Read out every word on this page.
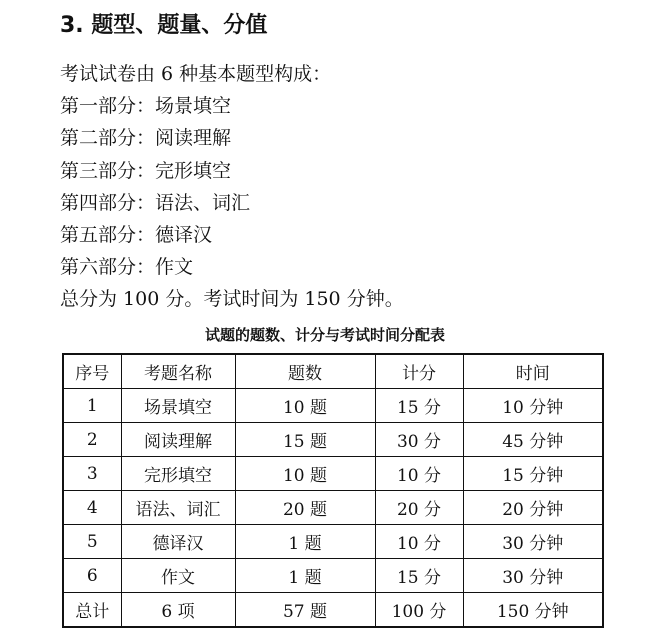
3. 题型、题量、分值
考试试卷由 6 种基本题型构成：
第一部分：场景填空
第二部分：阅读理解
第三部分：完形填空
第四部分：语法、词汇
第五部分：德译汉
第六部分：作文
总分为 100 分。考试时间为 150 分钟。
试题的题数、计分与考试时间分配表
序号	考题名称	题数	计分	时间
1	场景填空	10 题	15 分	10 分钟
2	阅读理解	15 题	30 分	45 分钟
3	完形填空	10 题	10 分	15 分钟
4	语法、词汇	20 题	20 分	20 分钟
5	德译汉	1 题	10 分	30 分钟
6	作文	1 题	15 分	30 分钟
总计	6 项	57 题	100 分	150 分钟
